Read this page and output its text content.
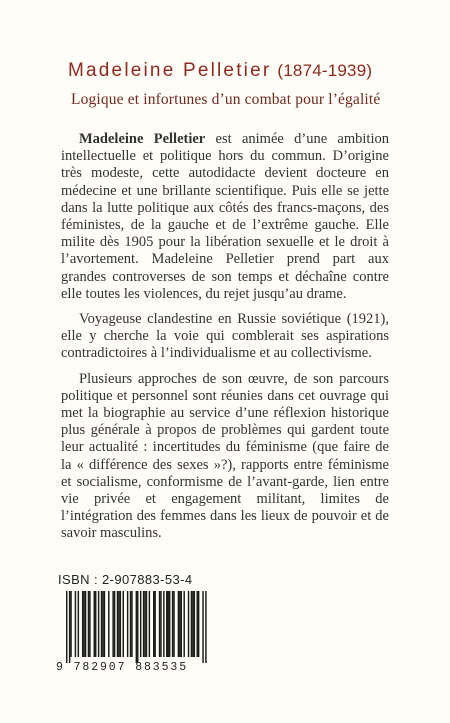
Madeleine Pelletier (1874-1939)
Logique et infortunes d’un combat pour l’égalité

Madeleine Pelletier est animée d’une ambition intellectuelle et politique hors du commun. D’origine très modeste, cette autodidacte devient docteure en médecine et une brillante scientifique. Puis elle se jette dans la lutte politique aux côtés des francs-maçons, des féministes, de la gauche et de l’extrême gauche. Elle milite dès 1905 pour la libération sexuelle et le droit à l’avortement. Madeleine Pelletier prend part aux grandes controverses de son temps et déchaîne contre elle toutes les violences, du rejet jusqu’au drame.

Voyageuse clandestine en Russie soviétique (1921), elle y cherche la voie qui comblerait ses aspirations contradictoires à l’individualisme et au collectivisme.

Plusieurs approches de son œuvre, de son parcours politique et personnel sont réunies dans cet ouvrage qui met la biographie au service d’une réflexion historique plus générale à propos de problèmes qui gardent toute leur actualité : incertitudes du féminisme (que faire de la « différence des sexes »?), rapports entre féminisme et socialisme, conformisme de l’avant-garde, lien entre vie privée et engagement militant, limites de l’intégration des femmes dans les lieux de pouvoir et de savoir masculins.

ISBN : 2-907883-53-4
9 782907 883535
